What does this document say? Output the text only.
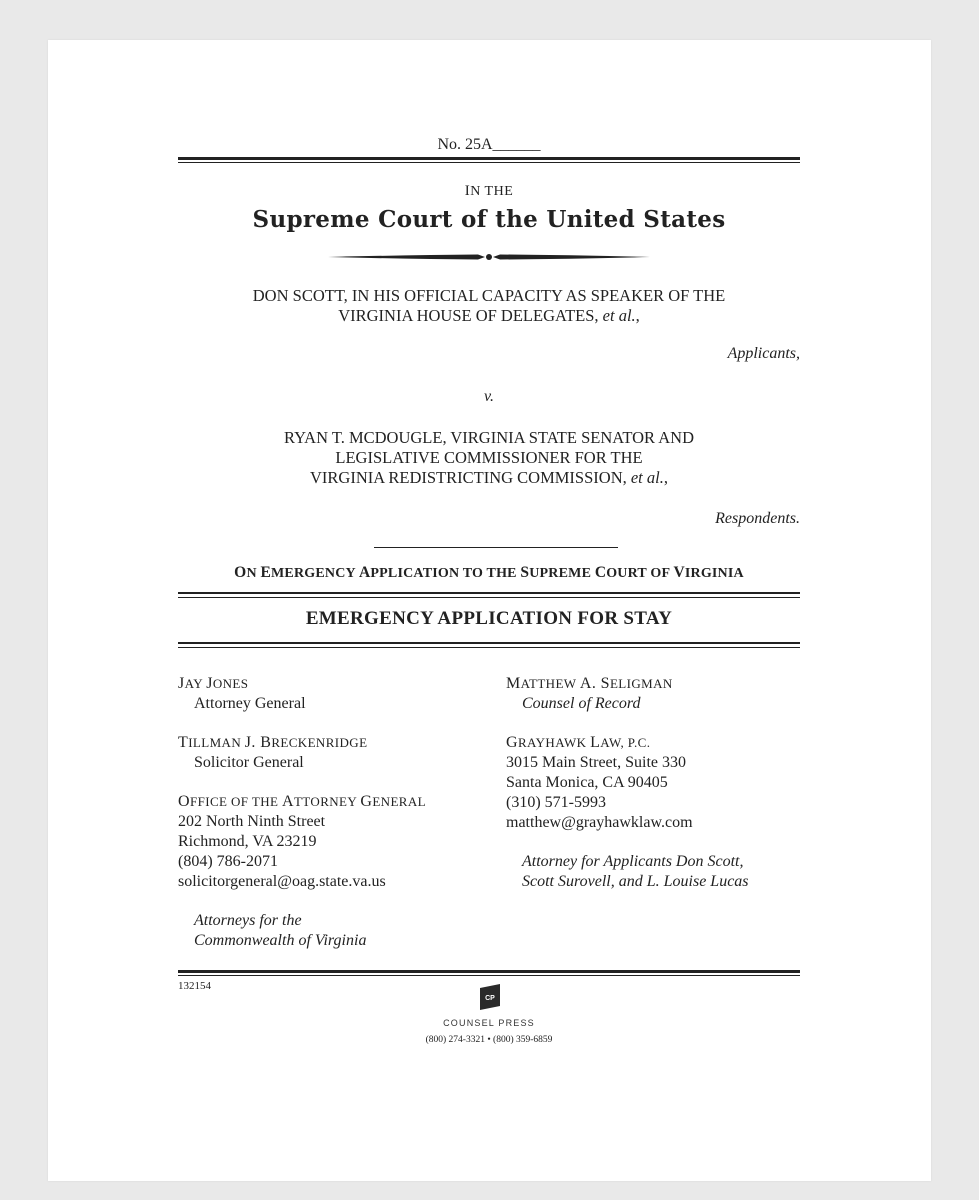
No. 25A______
IN THE
Supreme Court of the United States
DON SCOTT, IN HIS OFFICIAL CAPACITY AS SPEAKER OF THE
VIRGINIA HOUSE OF DELEGATES, et al.,
Applicants,
v.
RYAN T. MCDOUGLE, VIRGINIA STATE SENATOR AND
LEGISLATIVE COMMISSIONER FOR THE
VIRGINIA REDISTRICTING COMMISSION, et al.,
Respondents.
ON EMERGENCY APPLICATION TO THE SUPREME COURT OF VIRGINIA
EMERGENCY APPLICATION FOR STAY
JAY JONES
Attorney General
TILLMAN J. BRECKENRIDGE
Solicitor General
OFFICE OF THE ATTORNEY GENERAL
202 North Ninth Street
Richmond, VA 23219
(804) 786-2071
solicitorgeneral@oag.state.va.us
Attorneys for the
Commonwealth of Virginia
MATTHEW A. SELIGMAN
Counsel of Record
GRAYHAWK LAW, P.C.
3015 Main Street, Suite 330
Santa Monica, CA 90405
(310) 571-5993
matthew@grayhawklaw.com
Attorney for Applicants Don Scott,
Scott Surovell, and L. Louise Lucas
132154
CP
COUNSEL PRESS
(800) 274-3321 • (800) 359-6859
